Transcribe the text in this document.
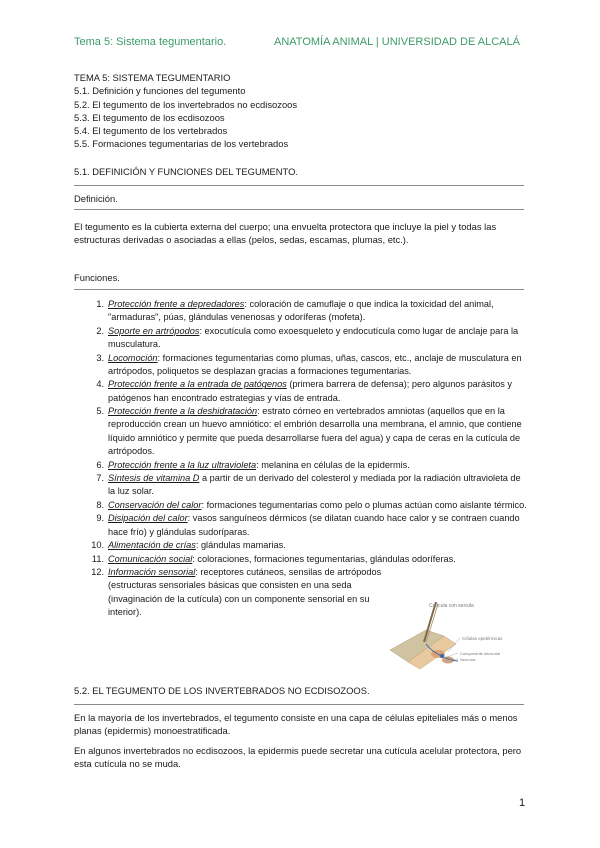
Tema 5: Sistema tegumentario.	ANATOMÍA ANIMAL | UNIVERSIDAD DE ALCALÁ
TEMA 5: SISTEMA TEGUMENTARIO
5.1. Definición y funciones del tegumento
5.2. El tegumento de los invertebrados no ecdisozoos
5.3. El tegumento de los ecdisozoos
5.4. El tegumento de los vertebrados
5.5. Formaciones tegumentarias de los vertebrados
5.1. DEFINICIÓN Y FUNCIONES DEL TEGUMENTO.
Definición.
El tegumento es la cubierta externa del cuerpo; una envuelta protectora que incluye la piel y todas las estructuras derivadas o asociadas a ellas (pelos, sedas, escamas, plumas, etc.).
Funciones.
1. Protección frente a depredadores: coloración de camuflaje o que indica la toxicidad del animal, "armaduras", púas, glándulas venenosas y odoríferas (mofeta).
2. Soporte en artrópodos: exocutícula como exoesqueleto y endocutícula como lugar de anclaje para la musculatura.
3. Locomoción: formaciones tegumentarias como plumas, uñas, cascos, etc., anclaje de musculatura en artrópodos, poliquetos se desplazan gracias a formaciones tegumentarias.
4. Protección frente a la entrada de patógenos (primera barrera de defensa); pero algunos parásitos y patógenos han encontrado estrategias y vías de entrada.
5. Protección frente a la deshidratación: estrato córneo en vertebrados amniotas (aquellos que en la reproducción crean un huevo amniótico: el embrión desarrolla una membrana, el amnio, que contiene líquido amniótico y permite que pueda desarrollarse fuera del agua) y capa de ceras en la cutícula de artrópodos.
6. Protección frente a la luz ultravioleta: melanina en células de la epidermis.
7. Síntesis de vitamina D a partir de un derivado del colesterol y mediada por la radiación ultravioleta de la luz solar.
8. Conservación del calor: formaciones tegumentarias como pelo o plumas actúan como aislante térmico.
9. Disipación del calor: vasos sanguíneos dérmicos (se dilatan cuando hace calor y se contraen cuando hace frío) y glándulas sudoríparas.
10. Alimentación de crías: glándulas mamarias.
11. Comunicación social: coloraciones, formaciones tegumentarias, glándulas odoríferas.
12. Información sensorial: receptores cutáneos, sensilas de artrópodos (estructuras sensoriales básicas que consisten en una seda (invaginación de la cutícula) con un componente sensorial en su interior).
Cutícula con sensila
Células epidérmicas
Componente sensorial
Neurona
5.2. EL TEGUMENTO DE LOS INVERTEBRADOS NO ECDISOZOOS.
En la mayoría de los invertebrados, el tegumento consiste en una capa de células epiteliales más o menos planas (epidermis) monoestratificada.
En algunos invertebrados no ecdisozoos, la epidermis puede secretar una cutícula acelular protectora, pero esta cutícula no se muda.
1
